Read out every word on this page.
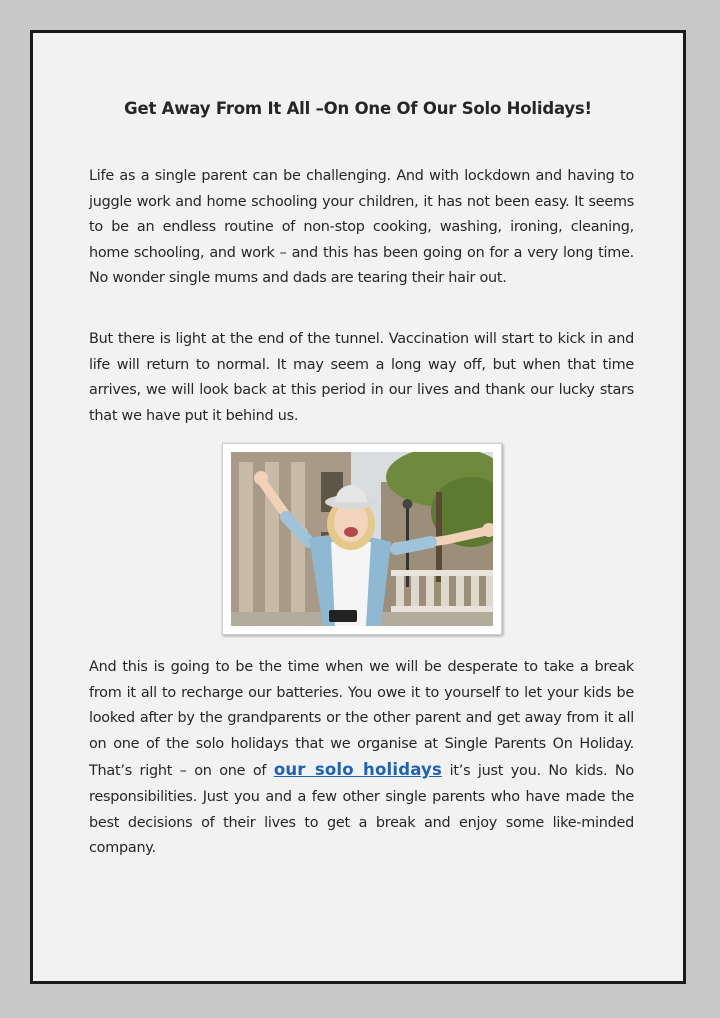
Get Away From It All –On One Of Our Solo Holidays!

Life as a single parent can be challenging. And with lockdown and having to juggle work and home schooling your children, it has not been easy. It seems to be an endless routine of non-stop cooking, washing, ironing, cleaning, home schooling, and work – and this has been going on for a very long time. No wonder single mums and dads are tearing their hair out.

But there is light at the end of the tunnel. Vaccination will start to kick in and life will return to normal. It may seem a long way off, but when that time arrives, we will look back at this period in our lives and thank our lucky stars that we have put it behind us.

And this is going to be the time when we will be desperate to take a break from it all to recharge our batteries. You owe it to yourself to let your kids be looked after by the grandparents or the other parent and get away from it all on one of the solo holidays that we organise at Single Parents On Holiday. That’s right – on one of our solo holidays it’s just you. No kids. No responsibilities. Just you and a few other single parents who have made the best decisions of their lives to get a break and enjoy some like-minded company.
